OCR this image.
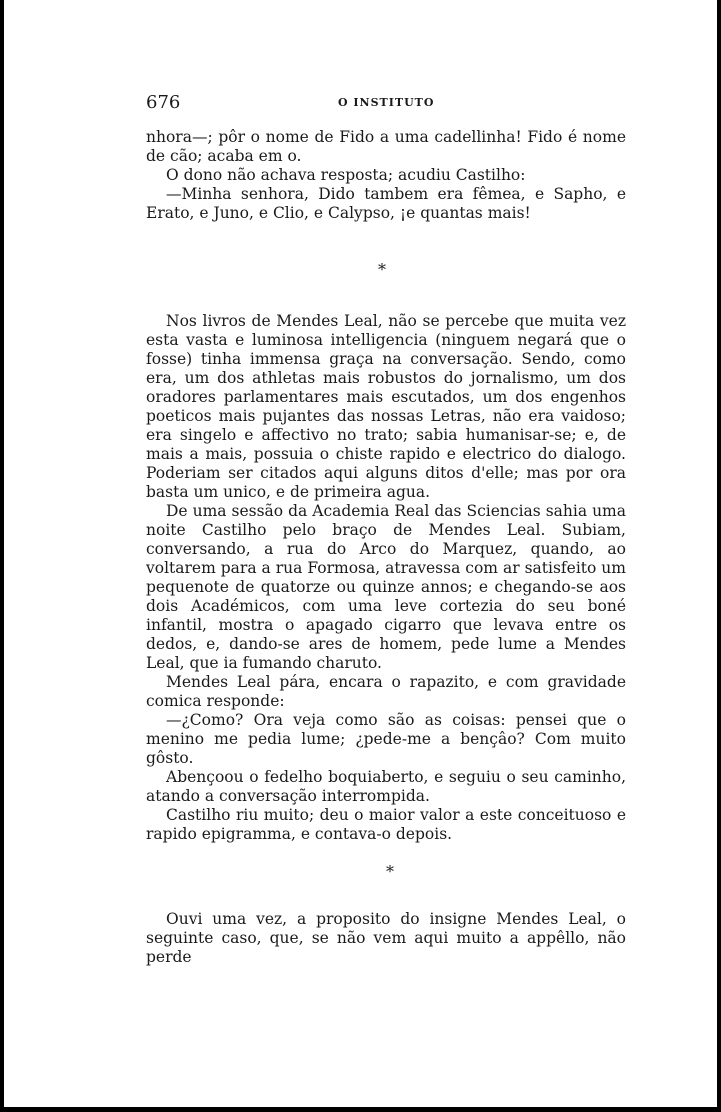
676	O INSTITUTO

nhora—; pôr o nome de Fido a uma cadellinha! Fido é nome de cão; acaba em o.

O dono não achava resposta; acudiu Castilho:

—Minha senhora, Dido tambem era fêmea, e Sapho, e Erato, e Juno, e Clio, e Calypso, ¡e quantas mais!

*

Nos livros de Mendes Leal, não se percebe que muita vez esta vasta e luminosa intelligencia (ninguem negará que o fosse) tinha immensa graça na conversação. Sendo, como era, um dos athletas mais robustos do jornalismo, um dos oradores parlamentares mais escutados, um dos engenhos poeticos mais pujantes das nossas Letras, não era vaidoso; era singelo e affectivo no trato; sabia humanisar-se; e, de mais a mais, possuia o chiste rapido e electrico do dialogo. Poderiam ser citados aqui alguns ditos d'elle; mas por ora basta um unico, e de primeira agua.

De uma sessão da Academia Real das Sciencias sahia uma noite Castilho pelo braço de Mendes Leal. Subiam, conversando, a rua do Arco do Marquez, quando, ao voltarem para a rua Formosa, atravessa com ar satisfeito um pequenote de quatorze ou quinze annos; e chegando-se aos dois Académicos, com uma leve cortezia do seu boné infantil, mostra o apagado cigarro que levava entre os dedos, e, dando-se ares de homem, pede lume a Mendes Leal, que ia fumando charuto.

Mendes Leal pára, encara o rapazito, e com gravidade comica responde:

—¿Como? Ora veja como são as coisas: pensei que o menino me pedia lume; ¿pede-me a bençâo? Com muito gôsto.

Abençoou o fedelho boquiaberto, e seguiu o seu caminho, atando a conversação interrompida.

Castilho riu muito; deu o maior valor a este conceituoso e rapido epigramma, e contava-o depois.

*

Ouvi uma vez, a proposito do insigne Mendes Leal, o seguinte caso, que, se não vem aqui muito a appêllo, não perde
